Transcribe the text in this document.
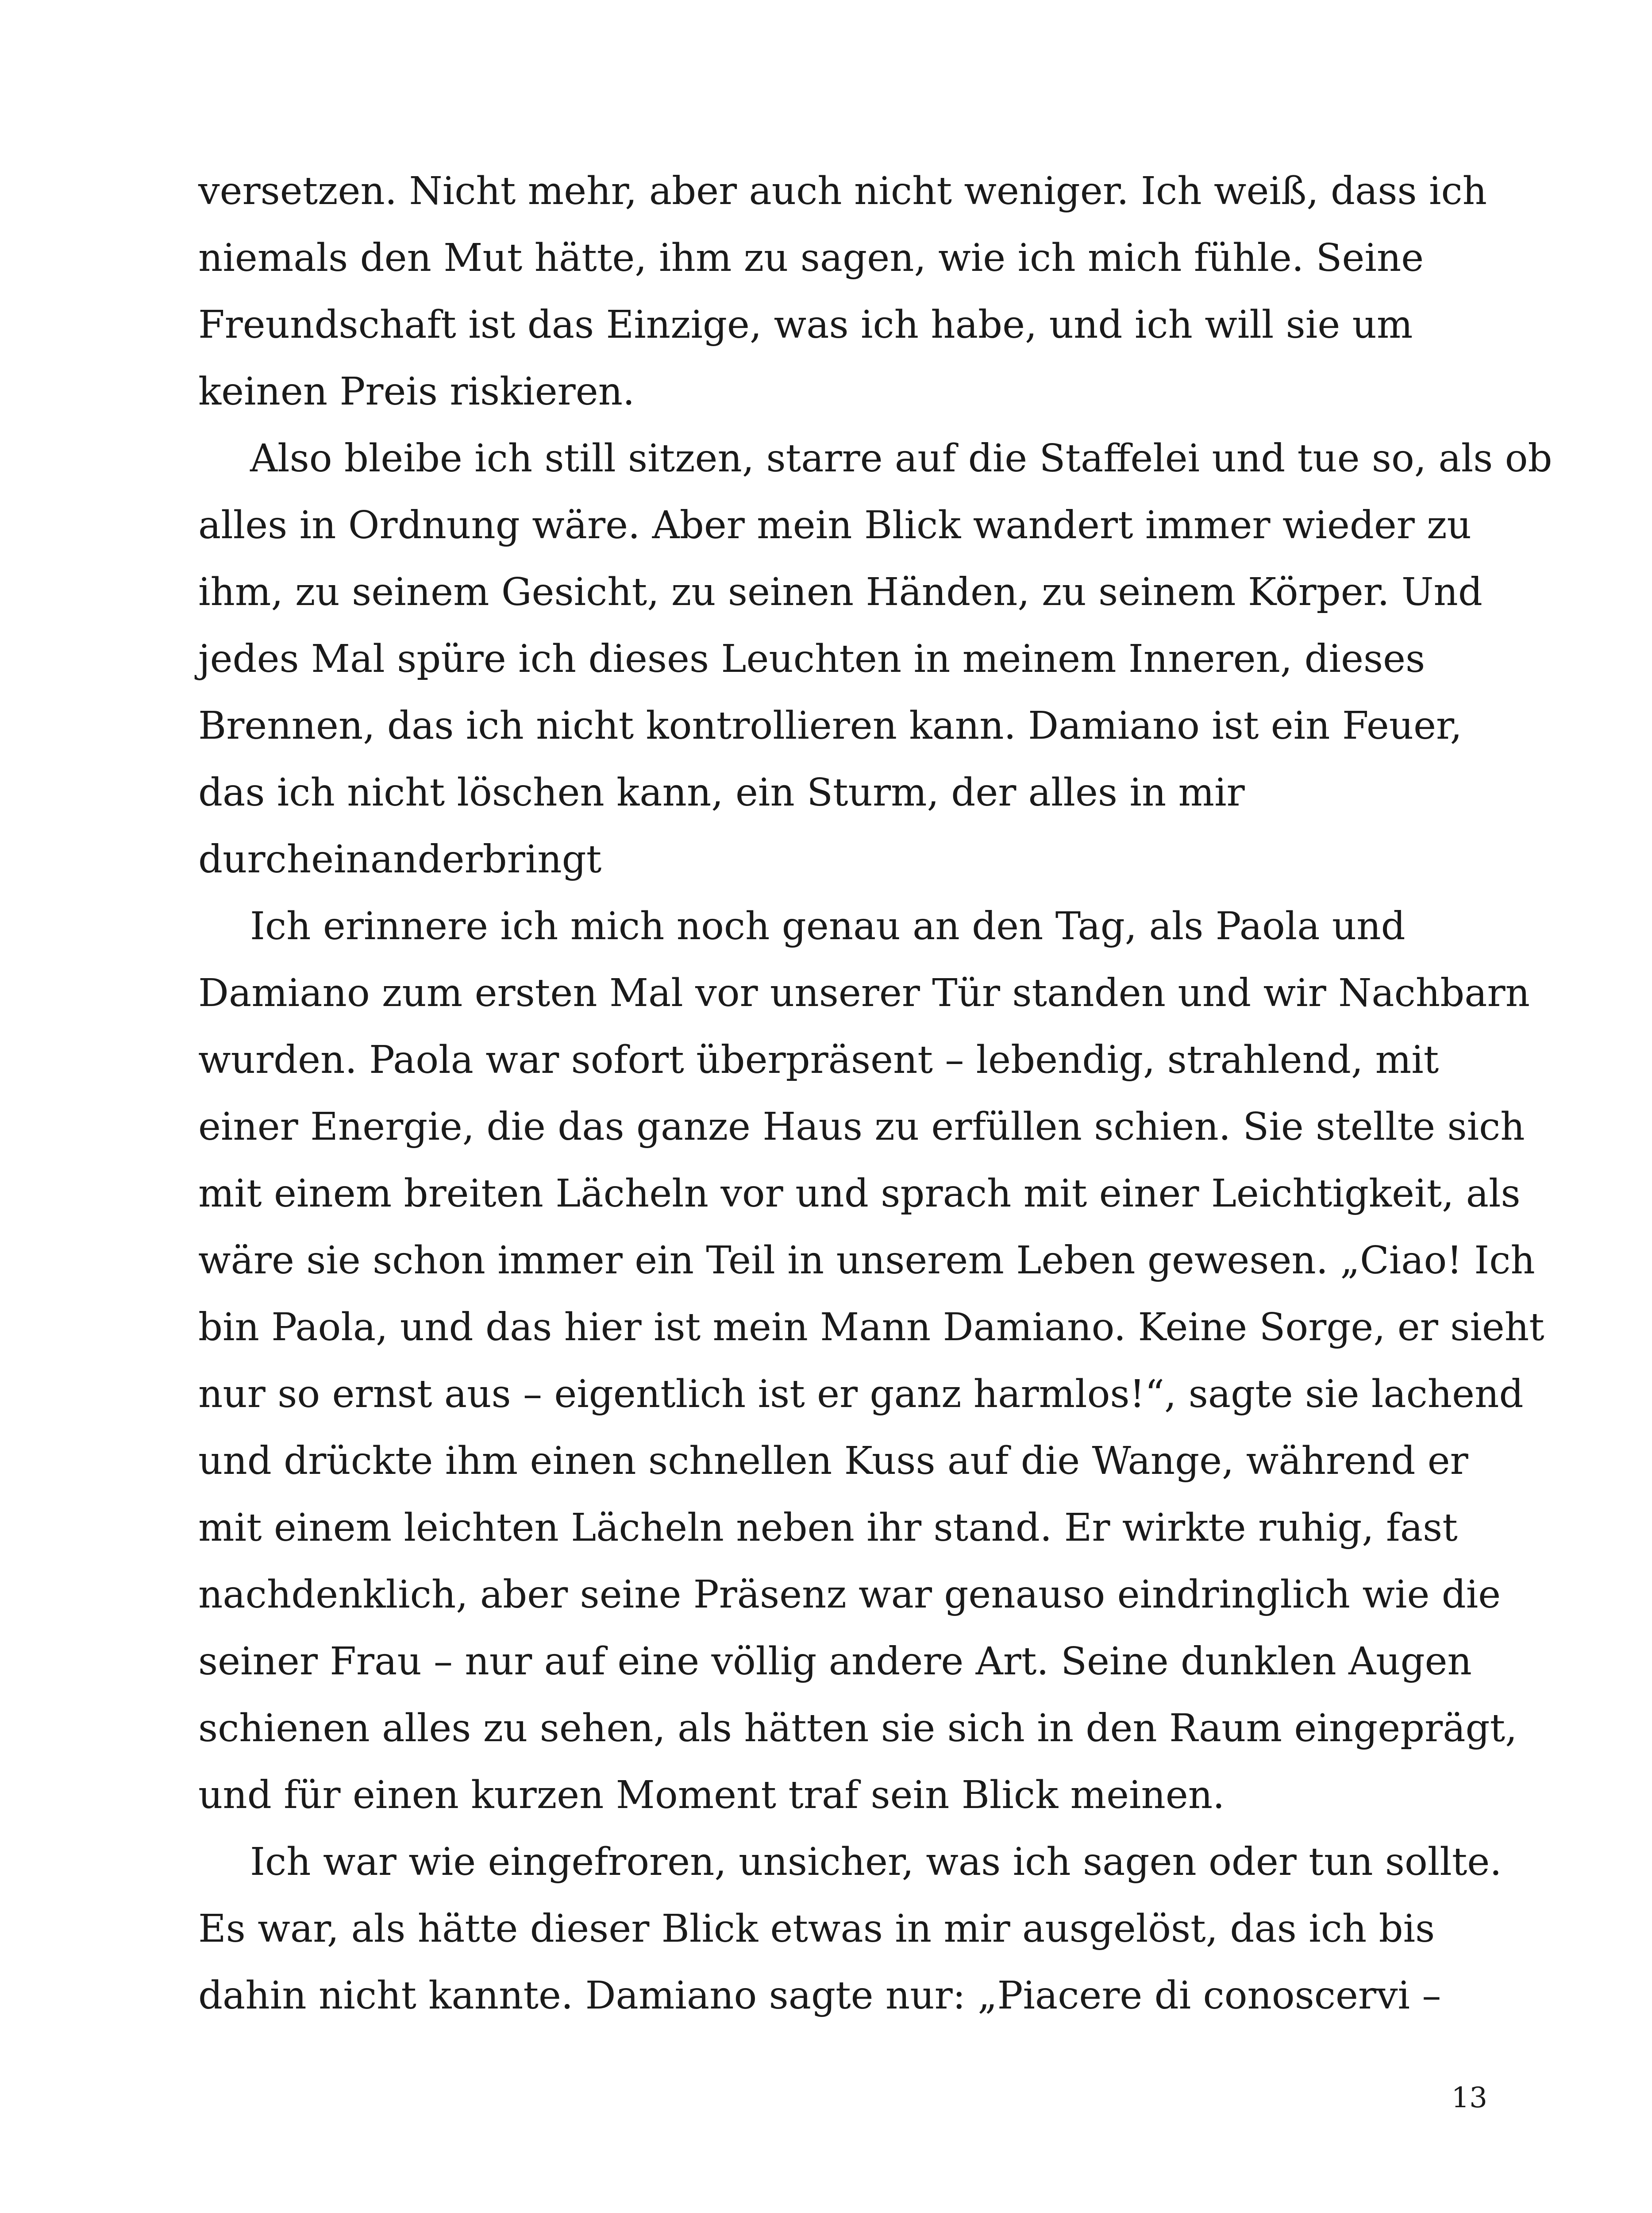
versetzen. Nicht mehr, aber auch nicht weniger. Ich weiß, dass ich
niemals den Mut hätte, ihm zu sagen, wie ich mich fühle. Seine
Freundschaft ist das Einzige, was ich habe, und ich will sie um
keinen Preis riskieren.
Also bleibe ich still sitzen, starre auf die Staffelei und tue so, als ob
alles in Ordnung wäre. Aber mein Blick wandert immer wieder zu
ihm, zu seinem Gesicht, zu seinen Händen, zu seinem Körper. Und
jedes Mal spüre ich dieses Leuchten in meinem Inneren, dieses
Brennen, das ich nicht kontrollieren kann. Damiano ist ein Feuer,
das ich nicht löschen kann, ein Sturm, der alles in mir
durcheinanderbringt
Ich erinnere ich mich noch genau an den Tag, als Paola und
Damiano zum ersten Mal vor unserer Tür standen und wir Nachbarn
wurden. Paola war sofort überpräsent – lebendig, strahlend, mit
einer Energie, die das ganze Haus zu erfüllen schien. Sie stellte sich
mit einem breiten Lächeln vor und sprach mit einer Leichtigkeit, als
wäre sie schon immer ein Teil in unserem Leben gewesen. „Ciao! Ich
bin Paola, und das hier ist mein Mann Damiano. Keine Sorge, er sieht
nur so ernst aus – eigentlich ist er ganz harmlos!“, sagte sie lachend
und drückte ihm einen schnellen Kuss auf die Wange, während er
mit einem leichten Lächeln neben ihr stand. Er wirkte ruhig, fast
nachdenklich, aber seine Präsenz war genauso eindringlich wie die
seiner Frau – nur auf eine völlig andere Art. Seine dunklen Augen
schienen alles zu sehen, als hätten sie sich in den Raum eingeprägt,
und für einen kurzen Moment traf sein Blick meinen.
Ich war wie eingefroren, unsicher, was ich sagen oder tun sollte.
Es war, als hätte dieser Blick etwas in mir ausgelöst, das ich bis
dahin nicht kannte. Damiano sagte nur: „Piacere di conoscervi –
13
